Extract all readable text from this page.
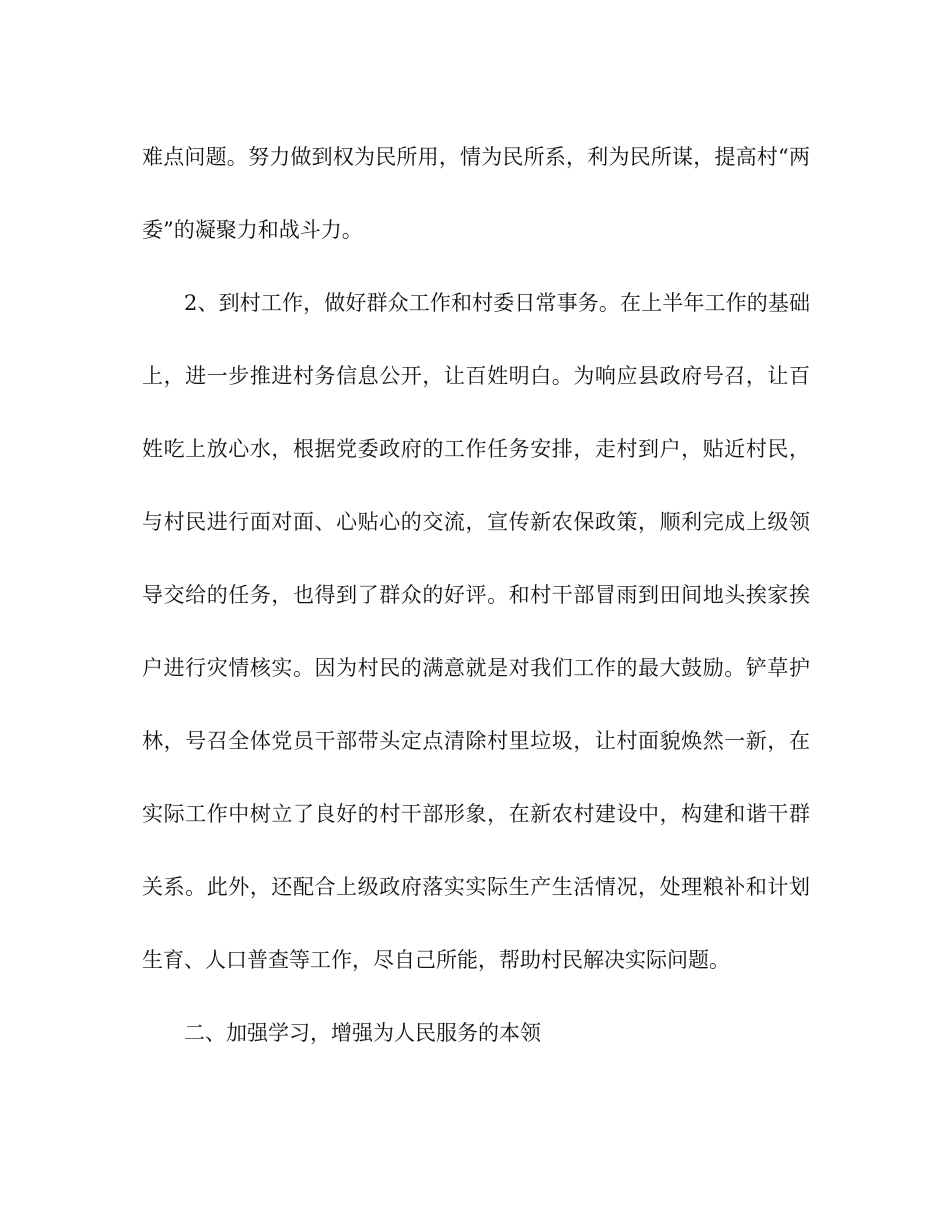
难点问题。努力做到权为民所用，情为民所系，利为民所谋，提高村“两委”的凝聚力和战斗力。

2、到村工作，做好群众工作和村委日常事务。在上半年工作的基础上，进一步推进村务信息公开，让百姓明白。为响应县政府号召，让百姓吃上放心水，根据党委政府的工作任务安排，走村到户，贴近村民，与村民进行面对面、心贴心的交流，宣传新农保政策，顺利完成上级领导交给的任务，也得到了群众的好评。和村干部冒雨到田间地头挨家挨户进行灾情核实。因为村民的满意就是对我们工作的最大鼓励。铲草护林，号召全体党员干部带头定点清除村里垃圾，让村面貌焕然一新，在实际工作中树立了良好的村干部形象，在新农村建设中，构建和谐干群关系。此外，还配合上级政府落实实际生产生活情况，处理粮补和计划生育、人口普查等工作，尽自己所能，帮助村民解决实际问题。

二、加强学习，增强为人民服务的本领
